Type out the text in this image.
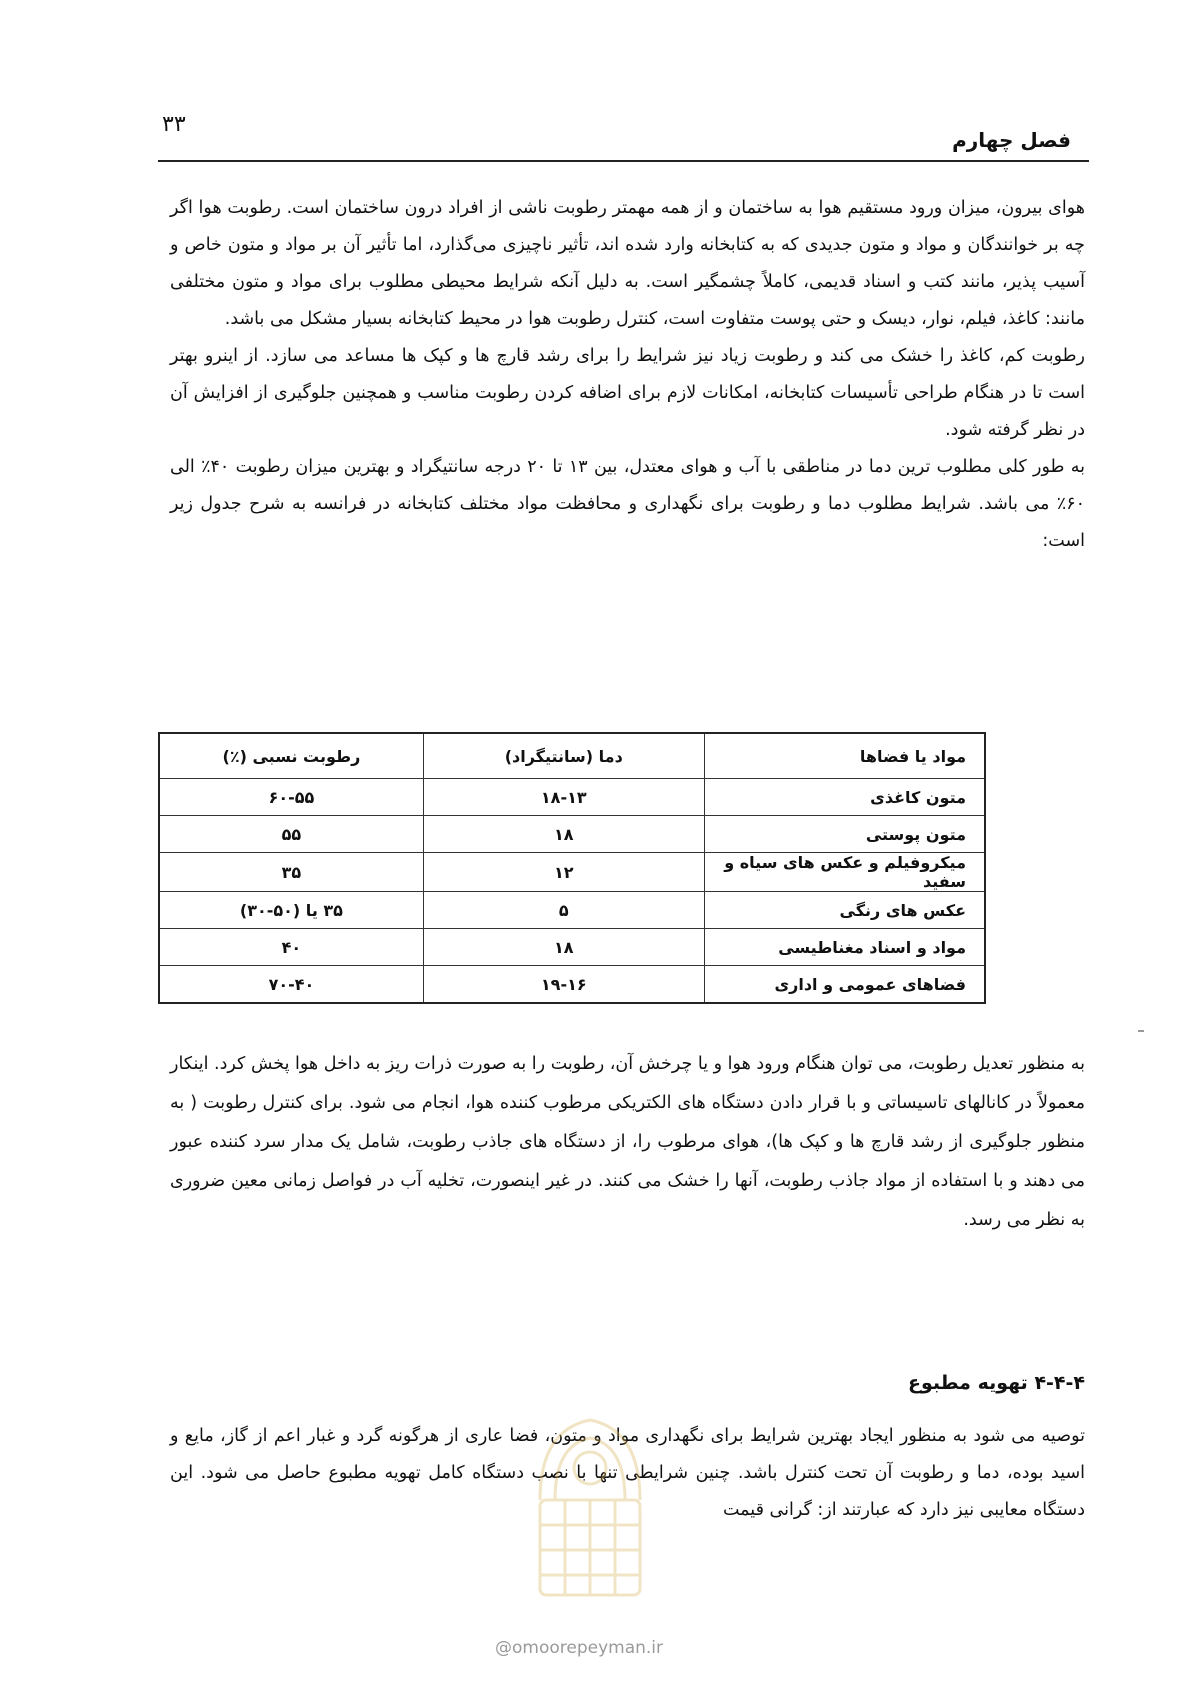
۳۳
فصل چهارم

هوای بیرون، میزان ورود مستقیم هوا به ساختمان و از همه مهمتر رطوبت ناشی از افراد درون ساختمان است. رطوبت هوا اگر چه بر خوانندگان و مواد و متون جدیدی که به کتابخانه وارد شده اند، تأثیر ناچیزی می‌گذارد، اما تأثیر آن بر مواد و متون خاص و آسیب پذیر، مانند کتب و اسناد قدیمی، کاملاً چشمگیر است. به دلیل آنکه شرایط محیطی مطلوب برای مواد و متون مختلفی مانند: کاغذ، فیلم، نوار، دیسک و حتی پوست متفاوت است، کنترل رطوبت هوا در محیط کتابخانه بسیار مشکل می باشد.

رطوبت کم، کاغذ را خشک می کند و رطوبت زیاد نیز شرایط را برای رشد قارچ ها و کپک ها مساعد می سازد. از اینرو بهتر است تا در هنگام طراحی تأسیسات کتابخانه، امکانات لازم برای اضافه کردن رطوبت مناسب و همچنین جلوگیری از افزایش آن در نظر گرفته شود.

به طور کلی مطلوب ترین دما در مناطقی با آب و هوای معتدل، بین ۱۳ تا ۲۰ درجه سانتیگراد و بهترین میزان رطوبت ۴۰٪ الی ۶۰٪ می باشد. شرایط مطلوب دما و رطوبت برای نگهداری و محافظت مواد مختلف کتابخانه در فرانسه به شرح جدول زیر است:

مواد یا فضاها	دما (سانتیگراد)	رطوبت نسبی (٪)
متون کاغذی	۱۸-۱۳	۶۰-۵۵
متون پوستی	۱۸	۵۵
میکروفیلم و عکس های سیاه و سفید	۱۲	۳۵
عکس های رنگی	۵	۳۵ یا (۵۰-۳۰)
مواد و اسناد مغناطیسی	۱۸	۴۰
فضاهای عمومی و اداری	۱۹-۱۶	۷۰-۴۰

به منظور تعدیل رطوبت، می توان هنگام ورود هوا و یا چرخش آن، رطوبت را به صورت ذرات ریز به داخل هوا پخش کرد. اینکار معمولاً در کانالهای تاسیساتی و با قرار دادن دستگاه های الکتریکی مرطوب کننده هوا، انجام می شود. برای کنترل رطوبت ( به منظور جلوگیری از رشد قارچ ها و کپک ها)، هوای مرطوب را، از دستگاه های جاذب رطوبت، شامل یک مدار سرد کننده عبور می دهند و با استفاده از مواد جاذب رطوبت، آنها را خشک می کنند. در غیر اینصورت، تخلیه آب در فواصل زمانی معین ضروری به نظر می رسد.

۴-۴-۴ تهویه مطبوع

توصیه می شود به منظور ایجاد بهترین شرایط برای نگهداری مواد و متون، فضا عاری از هرگونه گرد و غبار اعم از گاز، مایع و اسید بوده، دما و رطوبت آن تحت کنترل باشد. چنین شرایطی تنها با نصب دستگاه کامل تهویه مطبوع حاصل می شود. این دستگاه معایبی نیز دارد که عبارتند از: گرانی قیمت

@omoorepeyman.ir
